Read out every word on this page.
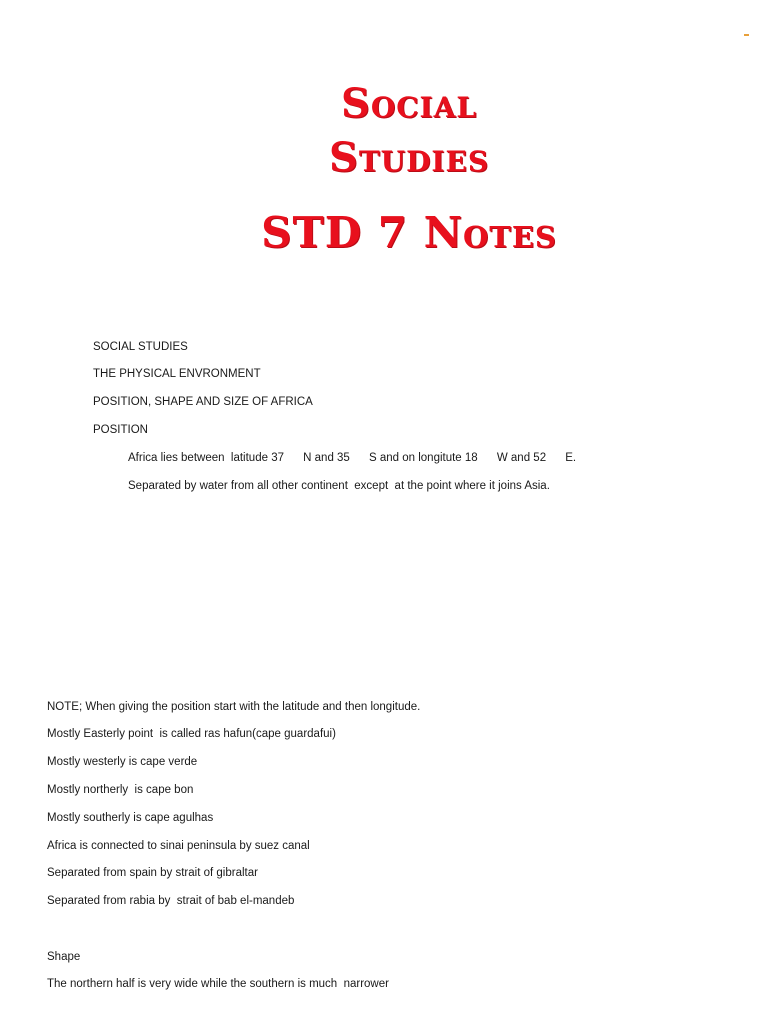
Social
Studies
STD 7 Notes
SOCIAL STUDIES
THE PHYSICAL ENVRONMENT
POSITION, SHAPE AND SIZE OF AFRICA
POSITION
Africa lies between  latitude 37      N and 35      S and on longitute 18      W and 52      E.
Separated by water from all other continent  except  at the point where it joins Asia.
NOTE; When giving the position start with the latitude and then longitude.
Mostly Easterly point  is called ras hafun(cape guardafui)
Mostly westerly is cape verde
Mostly northerly  is cape bon
Mostly southerly is cape agulhas
Africa is connected to sinai peninsula by suez canal
Separated from spain by strait of gibraltar
Separated from rabia by  strait of bab el-mandeb
Shape
The northern half is very wide while the southern is much  narrower
